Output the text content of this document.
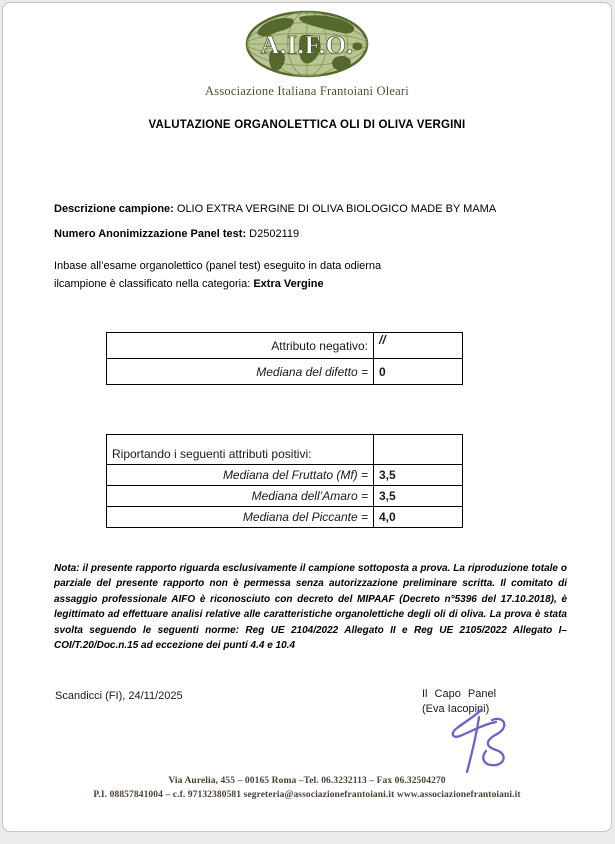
A.I.F.O.
Associazione Italiana Frantoiani Oleari
VALUTAZIONE ORGANOLETTICA OLI DI OLIVA VERGINI
Descrizione campione: OLIO EXTRA VERGINE DI OLIVA BIOLOGICO MADE BY MAMA
Numero Anonimizzazione Panel test: D2502119
Inbase all’esame organolettico (panel test) eseguito in data odierna
ilcampione è classificato nella categoria: Extra Vergine
Attributo negativo:	//
Mediana del difetto =	0
Riportando i seguenti attributi positivi:	
Mediana del Fruttato (Mf) =	3,5
Mediana dell’Amaro =	3,5
Mediana del Piccante =	4,0
Nota: il presente rapporto riguarda esclusivamente il campione sottoposta a prova. La riproduzione totale o parziale del presente rapporto non è permessa senza autorizzazione preliminare scritta. Il comitato di assaggio professionale AIFO è riconosciuto con decreto del MIPAAF (Decreto n°5396 del 17.10.2018), è legittimato ad effettuare analisi relative alle caratteristiche organolettiche degli oli di oliva. La prova è stata svolta seguendo le seguenti norme: Reg UE 2104/2022 Allegato II e Reg UE 2105/2022 Allegato I–COI/T.20/Doc.n.15 ad eccezione dei punti 4.4 e 10.4
Scandicci (FI), 24/11/2025	Il Capo Panel
(Eva Iacopini)
Via Aurelia, 455 – 00165 Roma –Tel. 06.3232113 – Fax 06.32504270
P.I. 08857841004 – c.f. 97132380581 segreteria@associazionefrantoiani.it www.associazionefrantoiani.it
